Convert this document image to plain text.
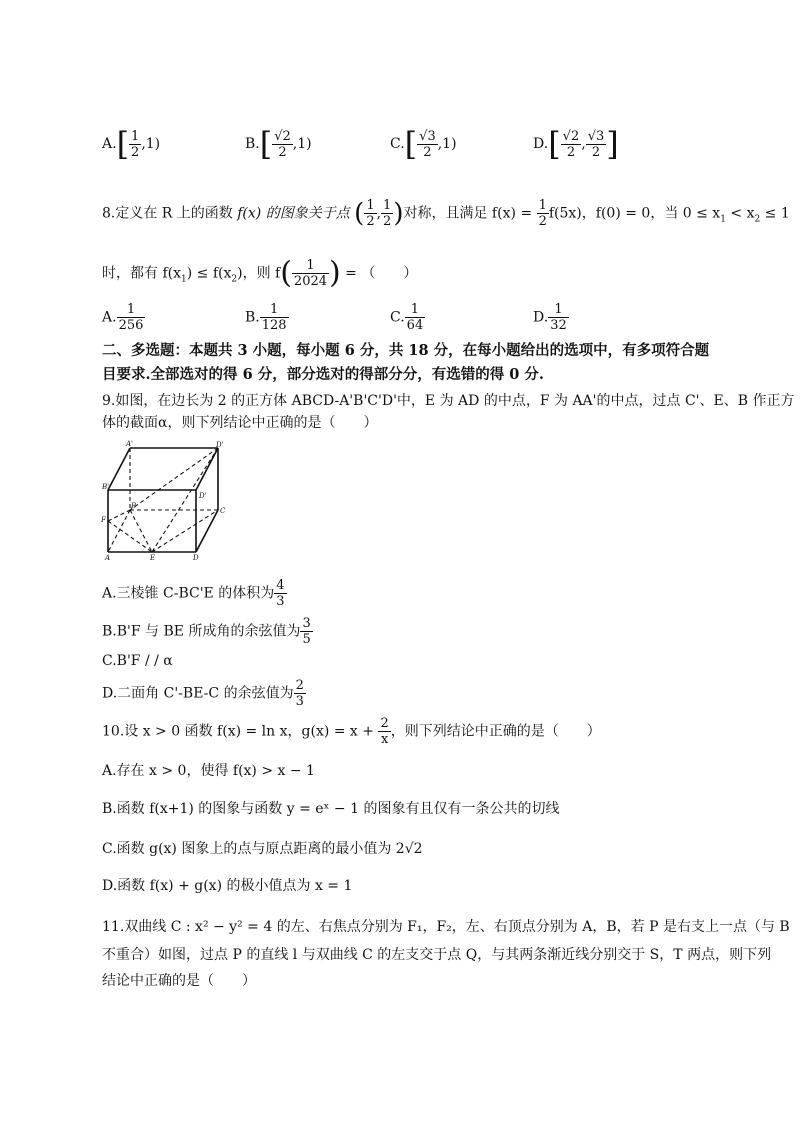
$A.[ \frac{1}{2} ,1)$	$B.[ \frac{√2}{2} ,1)$	$C.[ \frac{√3}{2} ,1)$	$D.[ \frac{√2}{2}$ , $\frac{√3}{2}$ ]
8.定义在 R 上的函数 f(x) 的图象关于点 ( $\frac{1}{2}$ , $\frac{1}{2}$ )对称，且满足 $f(x) = \frac{1}{2} f(5x)$，f(0) = 0，当 $0 \le x_1 < x_2 \le 1$
时，都有 $f(x_1) \le f(x_2)$，则 $f( \frac{1}{2024}$ ) = （　　）
A. $\frac{1}{256}$	B. $\frac{1}{128}$	C. $\frac{1}{64}$	D. $\frac{1}{32}$
二、多选题：本题共 3 小题，每小题 6 分，共 18 分，在每小题给出的选项中，有多项符合题
目要求.全部选对的得 6 分，部分选对的得部分分，有选错的得 0 分.
9.如图，在边长为 2 的正方体 ABCD-A'B'C'D'中，E 为 AD 的中点，F 为 AA'的中点，过点 C'、E、B 作正方
体的截面α，则下列结论中正确的是（　　）
A'	D'
B'
D'
F
B
C
A	E	D
A.三棱锥 C-BC'E 的体积为 $\frac{4}{3}$
B.B'F 与 BE 所成角的余弦值为 $\frac{3}{5}$
C.B'F / / α
D.二面角 C'-BE-C 的余弦值为 $\frac{2}{3}$
10.设 x > 0 函数 f(x) = ln x，$g(x) = x + \frac{2}{x}$ ，则下列结论中正确的是（　　）
A.存在 x > 0，使得 f(x) > x − 1
B.函数 f(x+1) 的图象与函数 y = eˣ − 1 的图象有且仅有一条公共的切线
C.函数 g(x) 图象上的点与原点距离的最小值为 2√2
D.函数 f(x) + g(x) 的极小值点为 x = 1
11.双曲线 C : x² − y² = 4 的左、右焦点分别为 F₁，F₂，左、右顶点分别为 A，B，若 P 是右支上一点（与 B
不重合）如图，过点 P 的直线 l 与双曲线 C 的左支交于点 Q，与其两条渐近线分别交于 S，T 两点，则下列
结论中正确的是（　　）
